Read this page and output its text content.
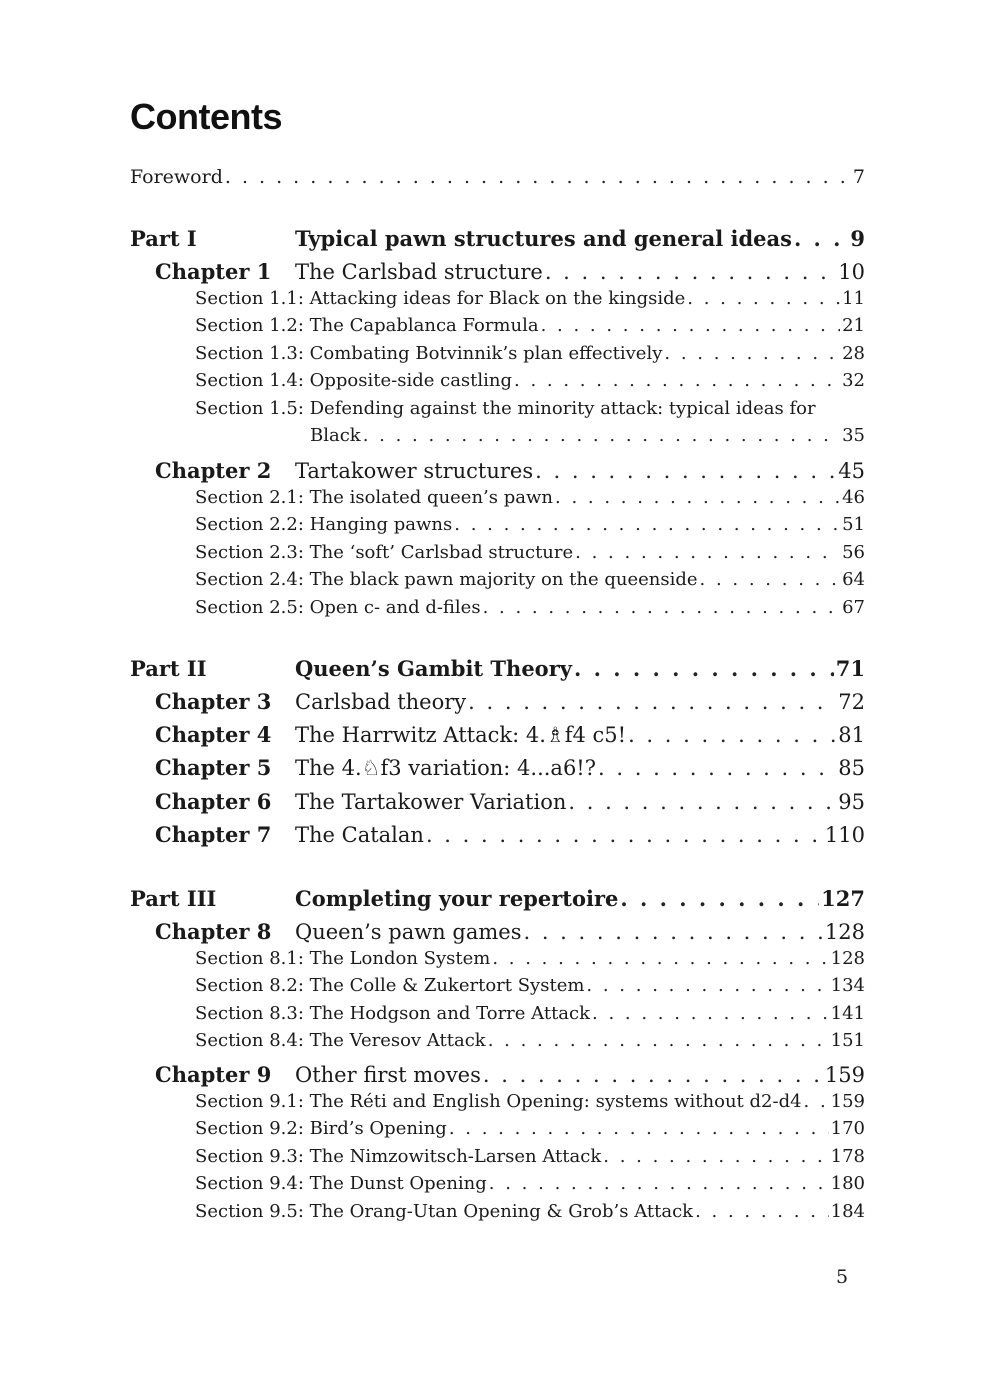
Contents
Foreword . . .	7
Part I	Typical pawn structures and general ideas . . .	9
Chapter 1	The Carlsbad structure . . .	10
Section 1.1: Attacking ideas for Black on the kingside . . .	11
Section 1.2: The Capablanca Formula . . .	21
Section 1.3: Combating Botvinnik’s plan effectively . . .	28
Section 1.4: Opposite-side castling . . .	32
Section 1.5: Defending against the minority attack: typical ideas for
Black . . .	35
Chapter 2	Tartakower structures . . .	45
Section 2.1: The isolated queen’s pawn . . .	46
Section 2.2: Hanging pawns . . .	51
Section 2.3: The ‘soft’ Carlsbad structure . . .	56
Section 2.4: The black pawn majority on the queenside . . .	64
Section 2.5: Open c- and d-files . . .	67
Part II	Queen’s Gambit Theory . . .	71
Chapter 3	Carlsbad theory . . .	72
Chapter 4	The Harrwitz Attack: 4.♗f4 c5! . . .	81
Chapter 5	The 4.♘f3 variation: 4...a6!? . . .	85
Chapter 6	The Tartakower Variation . . .	95
Chapter 7	The Catalan . . .	110
Part III	Completing your repertoire . . .	127
Chapter 8	Queen’s pawn games . . .	128
Section 8.1: The London System . . .	128
Section 8.2: The Colle & Zukertort System . . .	134
Section 8.3: The Hodgson and Torre Attack . . .	141
Section 8.4: The Veresov Attack . . .	151
Chapter 9	Other first moves . . .	159
Section 9.1: The Réti and English Opening: systems without d2-d4 . . . 159
Section 9.2: Bird’s Opening . . .	170
Section 9.3: The Nimzowitsch-Larsen Attack . . .	178
Section 9.4: The Dunst Opening . . .	180
Section 9.5: The Orang-Utan Opening & Grob’s Attack . . .	184
5
